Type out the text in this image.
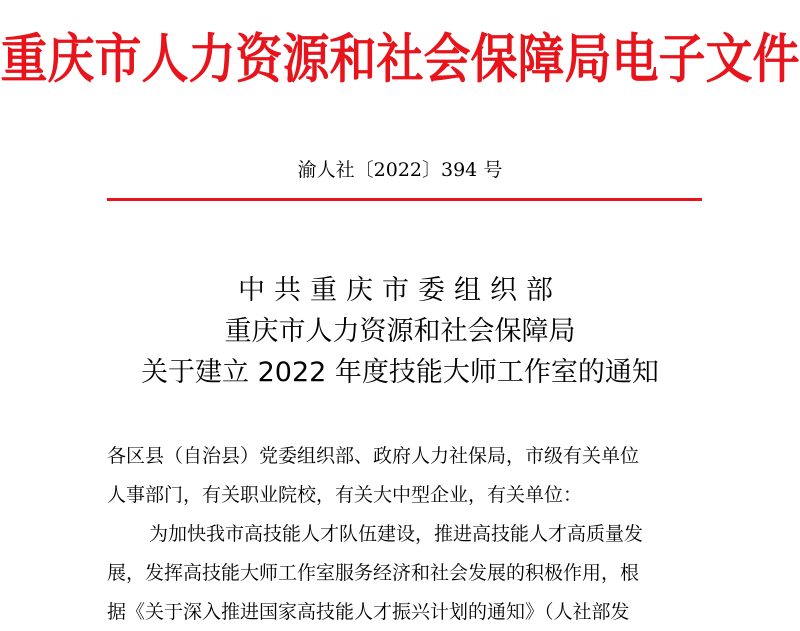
重庆市人力资源和社会保障局电子文件
渝人社〔2022〕394 号
中共重庆市委组织部
重庆市人力资源和社会保障局
关于建立 2022 年度技能大师工作室的通知
各区县（自治县）党委组织部、政府人力社保局，市级有关单位
人事部门，有关职业院校，有关大中型企业，有关单位：
为加快我市高技能人才队伍建设，推进高技能人才高质量发
展，发挥高技能大师工作室服务经济和社会发展的积极作用，根
据《关于深入推进国家高技能人才振兴计划的通知》（人社部发
